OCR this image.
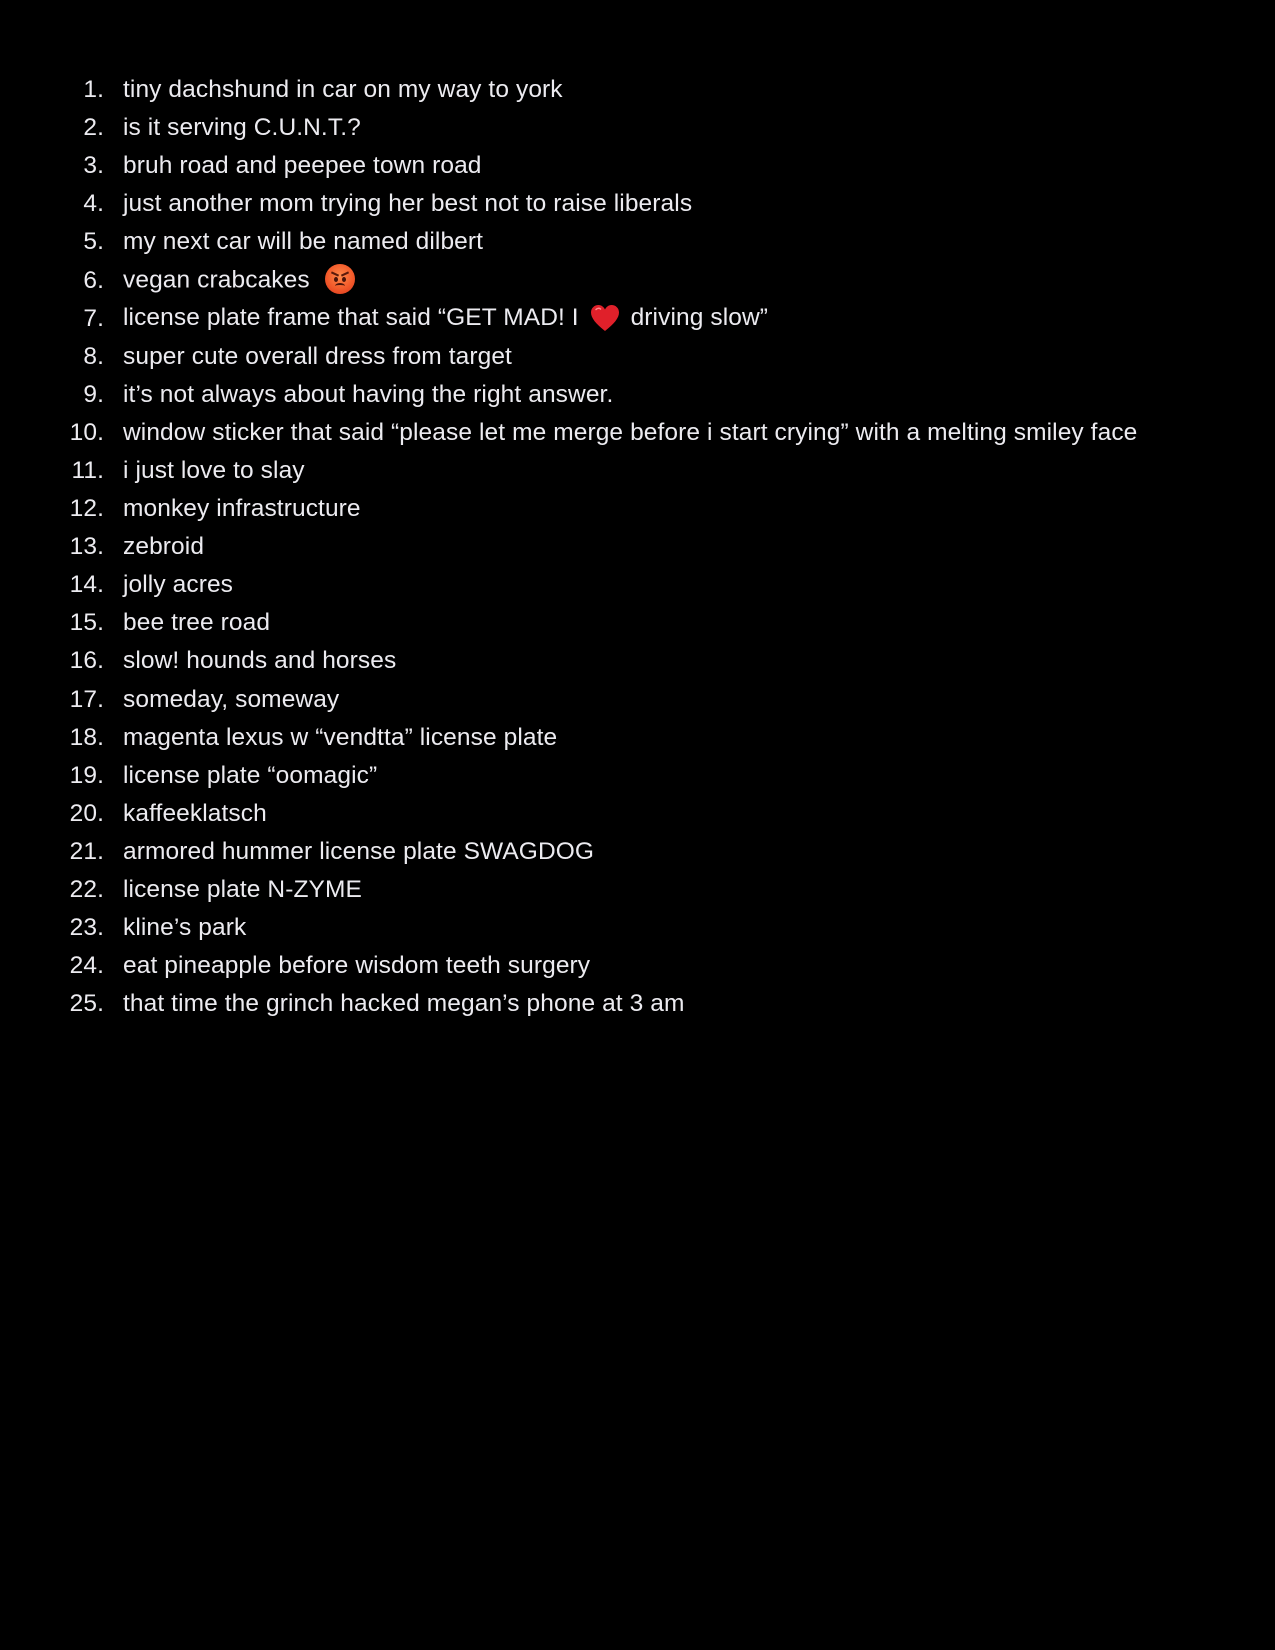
1. tiny dachshund in car on my way to york
2. is it serving C.U.N.T.?
3. bruh road and peepee town road
4. just another mom trying her best not to raise liberals
5. my next car will be named dilbert
6. vegan crabcakes
7. license plate frame that said “GET MAD! I driving slow”
8. super cute overall dress from target
9. it’s not always about having the right answer.
10. window sticker that said “please let me merge before i start crying” with a melting smiley face
11. i just love to slay
12. monkey infrastructure
13. zebroid
14. jolly acres
15. bee tree road
16. slow! hounds and horses
17. someday, someway
18. magenta lexus w “vendtta” license plate
19. license plate “oomagic”
20. kaffeeklatsch
21. armored hummer license plate SWAGDOG
22. license plate N-ZYME
23. kline’s park
24. eat pineapple before wisdom teeth surgery
25. that time the grinch hacked megan’s phone at 3 am
